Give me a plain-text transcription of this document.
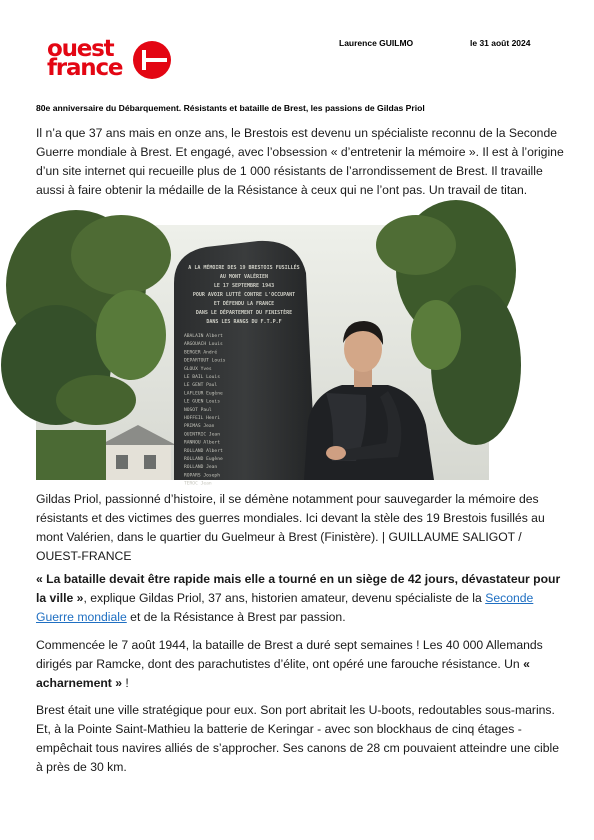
ouest
france
Laurence GUILMO	le 31 août 2024
80e anniversaire du Débarquement. Résistants et bataille de Brest, les passions de Gildas Priol

Il n’a que 37 ans mais en onze ans, le Brestois est devenu un spécialiste reconnu de la Seconde Guerre mondiale à Brest. Et engagé, avec l’obsession « d’entretenir la mémoire ». Il est à l’origine d’un site internet qui recueille plus de 1 000 résistants de l’arrondissement de Brest. Il travaille aussi à faire obtenir la médaille de la Résistance à ceux qui ne l’ont pas. Un travail de titan.

A LA MÉMOIRE DES 19 BRESTOIS FUSILLÉS
AU MONT VALÉRIEN
LE 17 SEPTEMBRE 1943
POUR AVOIR LUTTÉ CONTRE L'OCCUPANT
ET DÉFENDU LA FRANCE
DANS LE DÉPARTEMENT DU FINISTÈRE
DANS LES RANGS DU F.T.P.F
ABALAIN Albert
ARGOUACH Louis
BERGER André
DEPARTOUT Louis
GLOUX Yves
LE BAIL Louis
LE GENT Paul
LAFLEUR Eugène
LE GUEN Louis
NOSOT Paul
HOFFEIL Henri
PRIMAS Jean
QUINTRIC Jean
RANNOU Albert
ROLLAND Albert
ROLLAND Eugène
ROLLAND Jean
ROPARS Joseph
TEROC Jean

Gildas Priol, passionné d’histoire, il se démène notamment pour sauvegarder la mémoire des résistants et des victimes des guerres mondiales. Ici devant la stèle des 19 Brestois fusillés au mont Valérien, dans le quartier du Guelmeur à Brest (Finistère). | GUILLAUME SALIGOT / OUEST-FRANCE

« La bataille devait être rapide mais elle a tourné en un siège de 42 jours, dévastateur pour la ville », explique Gildas Priol, 37 ans, historien amateur, devenu spécialiste de la Seconde Guerre mondiale et de la Résistance à Brest par passion.

Commencée le 7 août 1944, la bataille de Brest a duré sept semaines ! Les 40 000 Allemands dirigés par Ramcke, dont des parachutistes d’élite, ont opéré une farouche résistance. Un « acharnement » !

Brest était une ville stratégique pour eux. Son port abritait les U-boots, redoutables sous-marins. Et, à la Pointe Saint-Mathieu la batterie de Keringar - avec son blockhaus de cinq étages - empêchait tous navires alliés de s’approcher. Ses canons de 28 cm pouvaient atteindre une cible à près de 30 km.
